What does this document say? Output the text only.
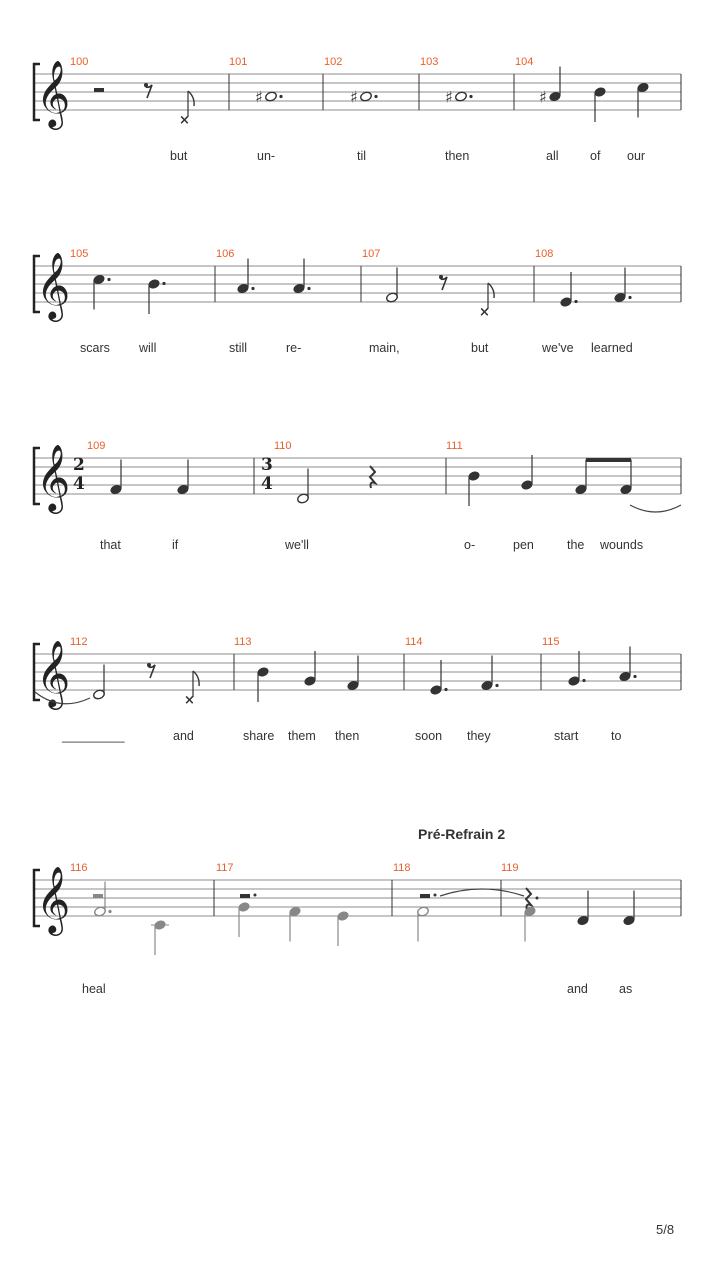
Pré-Refrain 2
𝄞	×
♯	♯	♯	♯
𝄞	×
𝄞
𝄞	×
𝄞
100	101	102	103	104
105	106	107	108
109	110	111
112	113	114	115
116	117	118	119
2
4
3
4
but	un-	til	then	all	of our
scars will	still	re-	main,	but	we've learned
that	if	we'll	o-	pen	the wounds
_________	and	share them then	soon they	start	to
heal	and as
5/8
